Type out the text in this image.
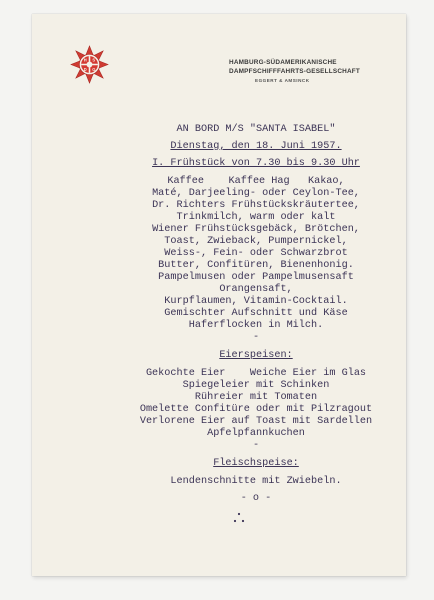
H S
D G
HAMBURG-SÜDAMERIKANISCHE
DAMPFSCHIFFFAHRTS-GESELLSCHAFT
EGGERT & AMSINCK
AN BORD M/S "SANTA ISABEL"
Dienstag, den 18. Juni 1957.
I. Frühstück von 7.30 bis 9.30 Uhr
Kaffee Kaffee Hag Kakao,
Maté, Darjeeling- oder Ceylon-Tee,
Dr. Richters Frühstückskräutertee,
Trinkmilch, warm oder kalt
Wiener Frühstücksgebäck, Brötchen,
Toast, Zwieback, Pumpernickel,
Weiss-, Fein- oder Schwarzbrot
Butter, Confitüren, Bienenhonig.
Pampelmusen oder Pampelmusensaft
Orangensaft,
Kurpflaumen, Vitamin-Cocktail.
Gemischter Aufschnitt und Käse
Haferflocken in Milch.
-
Eierspeisen:
Gekochte Eier Weiche Eier im Glas
Spiegeleier mit Schinken
Rühreier mit Tomaten
Omelette Confitüre oder mit Pilzragout
Verlorene Eier auf Toast mit Sardellen
Apfelpfannkuchen
-
Fleischspeise:
Lendenschnitte mit Zwiebeln.
- o -
